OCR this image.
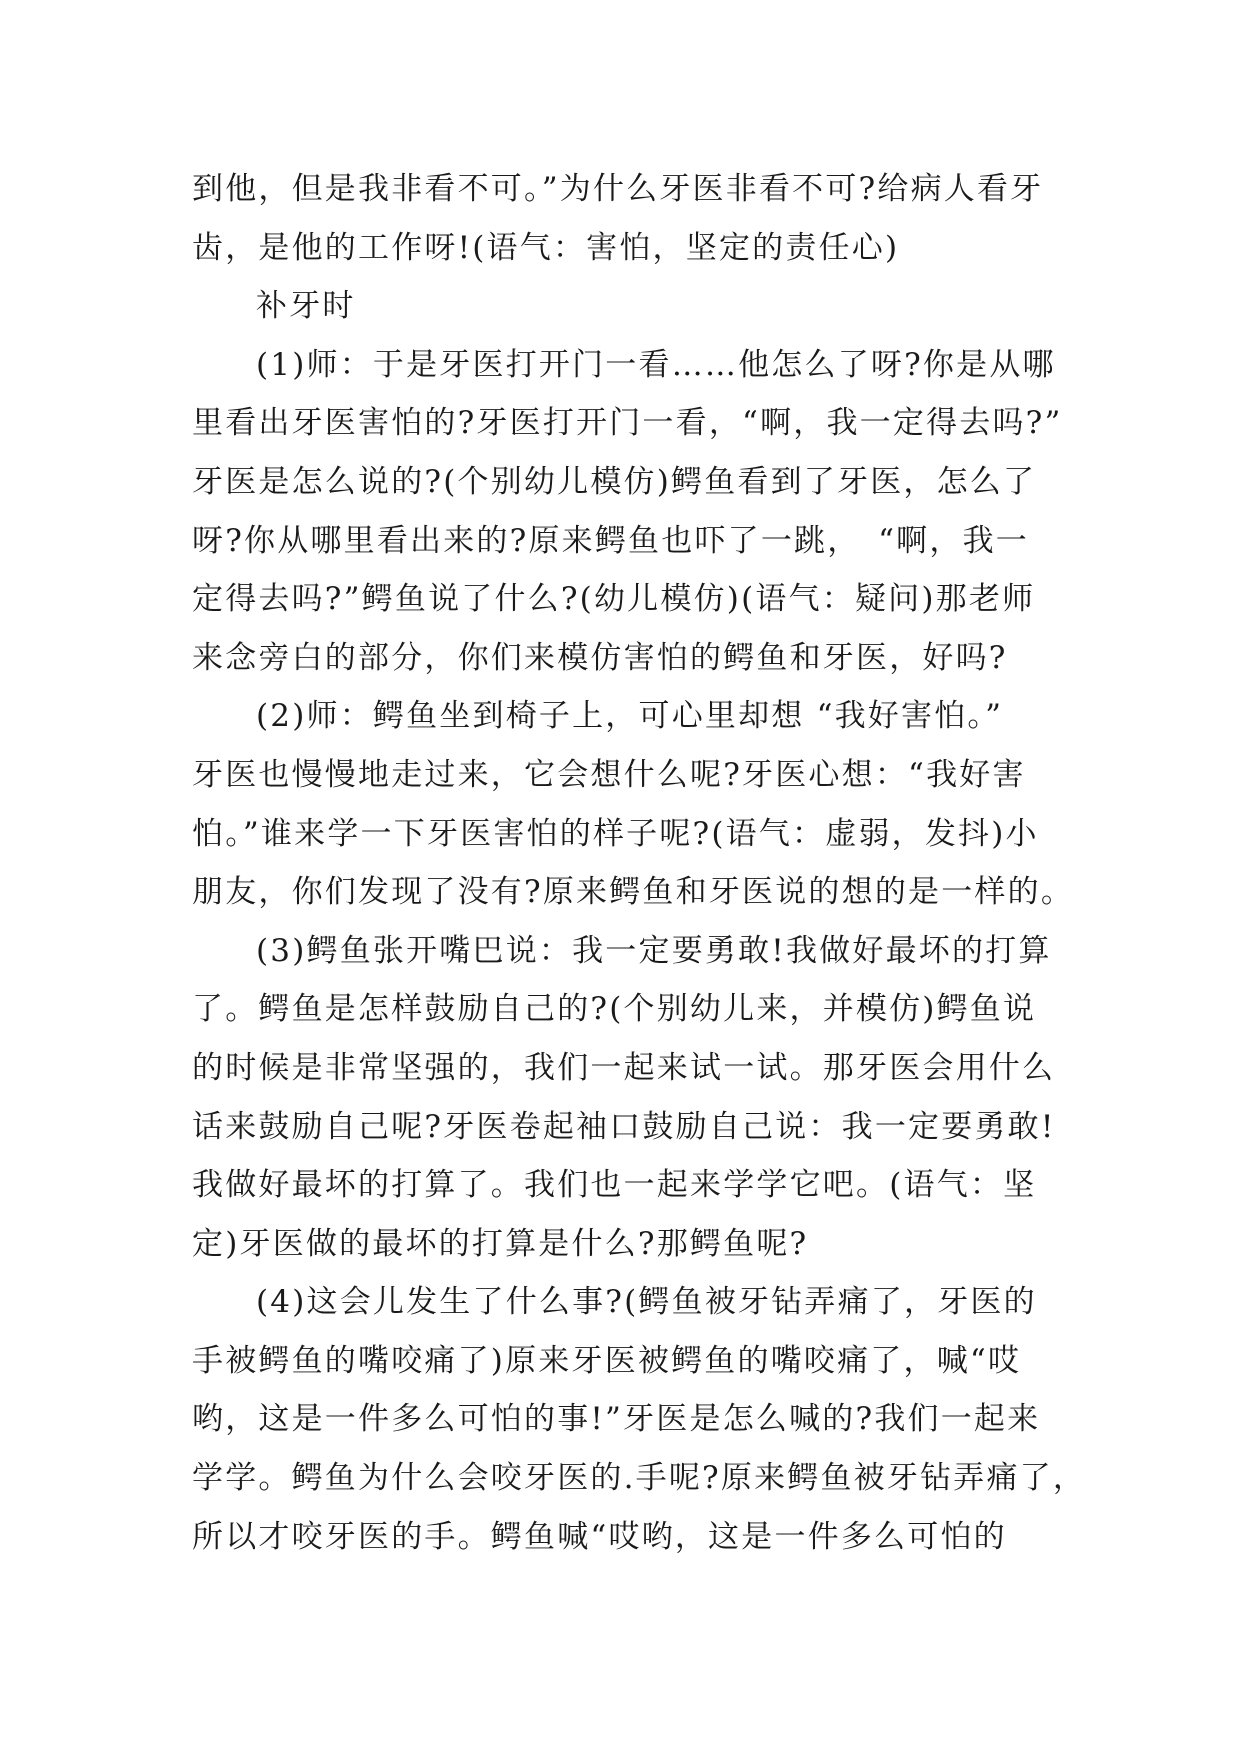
到他，但是我非看不可。”为什么牙医非看不可?给病人看牙
齿，是他的工作呀!(语气：害怕，坚定的责任心)
补牙时
(1)师：于是牙医打开门一看……他怎么了呀?你是从哪
里看出牙医害怕的?牙医打开门一看，“啊，我一定得去吗?”
牙医是怎么说的?(个别幼儿模仿)鳄鱼看到了牙医，怎么了
呀?你从哪里看出来的?原来鳄鱼也吓了一跳，　“啊，我一
定得去吗?”鳄鱼说了什么?(幼儿模仿)(语气：疑问)那老师
来念旁白的部分，你们来模仿害怕的鳄鱼和牙医，好吗?
(2)师：鳄鱼坐到椅子上，可心里却想 “我好害怕。”
牙医也慢慢地走过来，它会想什么呢?牙医心想：“我好害
怕。”谁来学一下牙医害怕的样子呢?(语气：虚弱，发抖)小
朋友，你们发现了没有?原来鳄鱼和牙医说的想的是一样的。
(3)鳄鱼张开嘴巴说：我一定要勇敢!我做好最坏的打算
了。鳄鱼是怎样鼓励自己的?(个别幼儿来，并模仿)鳄鱼说
的时候是非常坚强的，我们一起来试一试。那牙医会用什么
话来鼓励自己呢?牙医卷起袖口鼓励自己说：我一定要勇敢!
我做好最坏的打算了。我们也一起来学学它吧。(语气：坚
定)牙医做的最坏的打算是什么?那鳄鱼呢?
(4)这会儿发生了什么事?(鳄鱼被牙钻弄痛了，牙医的
手被鳄鱼的嘴咬痛了)原来牙医被鳄鱼的嘴咬痛了，喊“哎
哟，这是一件多么可怕的事!”牙医是怎么喊的?我们一起来
学学。鳄鱼为什么会咬牙医的.手呢?原来鳄鱼被牙钻弄痛了，
所以才咬牙医的手。鳄鱼喊“哎哟，这是一件多么可怕的
